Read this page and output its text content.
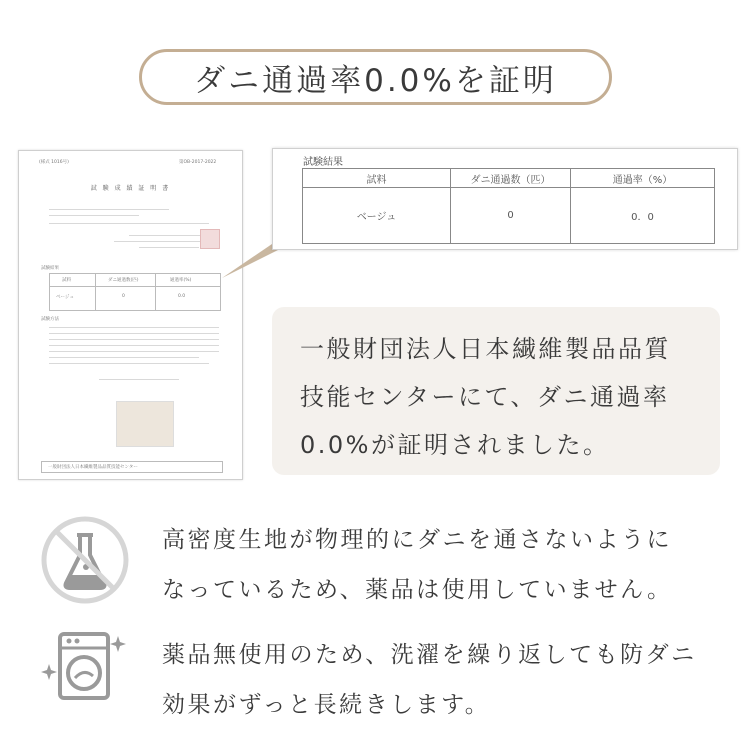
ダニ通過率0.0%を証明
(様式 1016号)	第OB-2017-2022
試 験 成 績 証 明 書
試験結果
試料	ダニ通過数(匹)	通過率(%)
ベージュ	0	0.0
試験方法
一般財団法人日本繊維製品品質技能センター
試験結果
試料	ダニ通過数（匹）	通過率（%）
ベージュ	0	0．0

一般財団法人日本繊維製品品質

技能センターにて、ダニ通過率

0.0%が証明されました。

高密度生地が物理的にダニを通さないように

なっているため、薬品は使用していません。

薬品無使用のため、洗濯を繰り返しても防ダニ

効果がずっと長続きします。
